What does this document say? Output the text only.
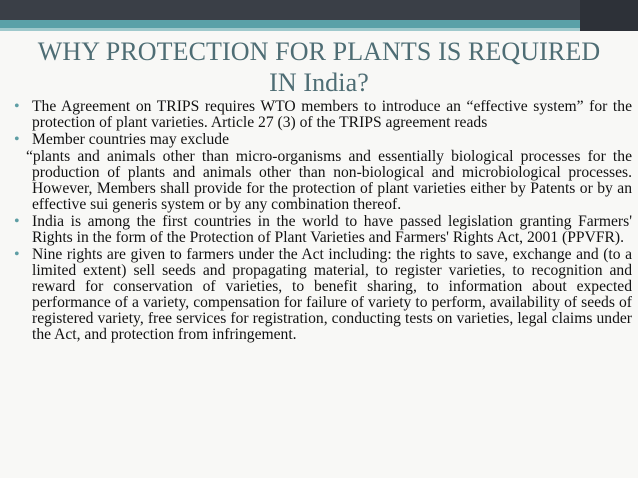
WHY PROTECTION FOR PLANTS IS REQUIRED
IN India?
• The Agreement on TRIPS requires WTO members to introduce an “effective system” for the protection of plant varieties. Article 27 (3) of the TRIPS agreement reads
• Member countries may exclude
“plants and animals other than micro-organisms and essentially biological processes for the production of plants and animals other than non-biological and microbiological processes. However, Members shall provide for the protection of plant varieties either by Patents or by an effective sui generis system or by any combination thereof.
• India is among the first countries in the world to have passed legislation granting Farmers' Rights in the form of the Protection of Plant Varieties and Farmers' Rights Act, 2001 (PPVFR).
• Nine rights are given to farmers under the Act including: the rights to save, exchange and (to a limited extent) sell seeds and propagating material, to register varieties, to recognition and reward for conservation of varieties, to benefit sharing, to information about expected performance of a variety, compensation for failure of variety to perform, availability of seeds of registered variety, free services for registration, conducting tests on varieties, legal claims under the Act, and protection from infringement.
